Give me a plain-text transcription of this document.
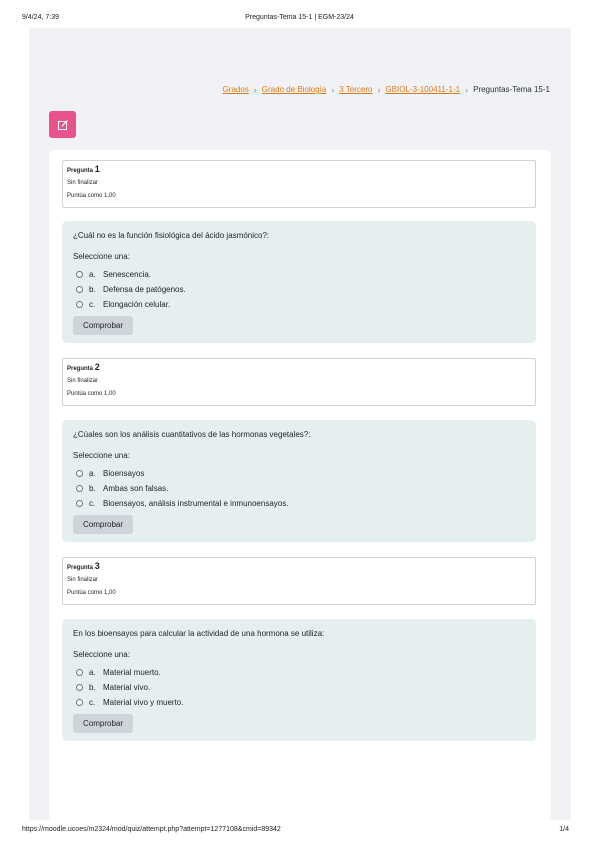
9/4/24, 7:39	Preguntas-Tema 15-1 | EGM-23/24
Grados › Grado de Biología › 3 Tercero › GBIOL-3-100411-1-1 › Preguntas-Tema 15-1
Pregunta 1
Sin finalizar
Puntúa como 1,00
¿Cuál no es la función fisiológica del ácido jasmónico?:
Seleccione una:
a. Senescencia.
b. Defensa de patógenos.
c. Elongación celular.
Comprobar
Pregunta 2
Sin finalizar
Puntúa como 1,00
¿Cúales son los análisis cuantitativos de las hormonas vegetales?:
Seleccione una:
a. Bioensayos
b. Ambas son falsas.
c. Bioensayos, análisis instrumental e inmunoensayos.
Comprobar
Pregunta 3
Sin finalizar
Puntúa como 1,00
En los bioensayos para calcular la actividad de una hormona se utiliza:
Seleccione una:
a. Material muerto.
b. Material vivo.
c. Material vivo y muerto.
Comprobar
https://moodle.ucoes/m2324/mod/quiz/attempt.php?attempt=1277108&cmid=89342	1/4
